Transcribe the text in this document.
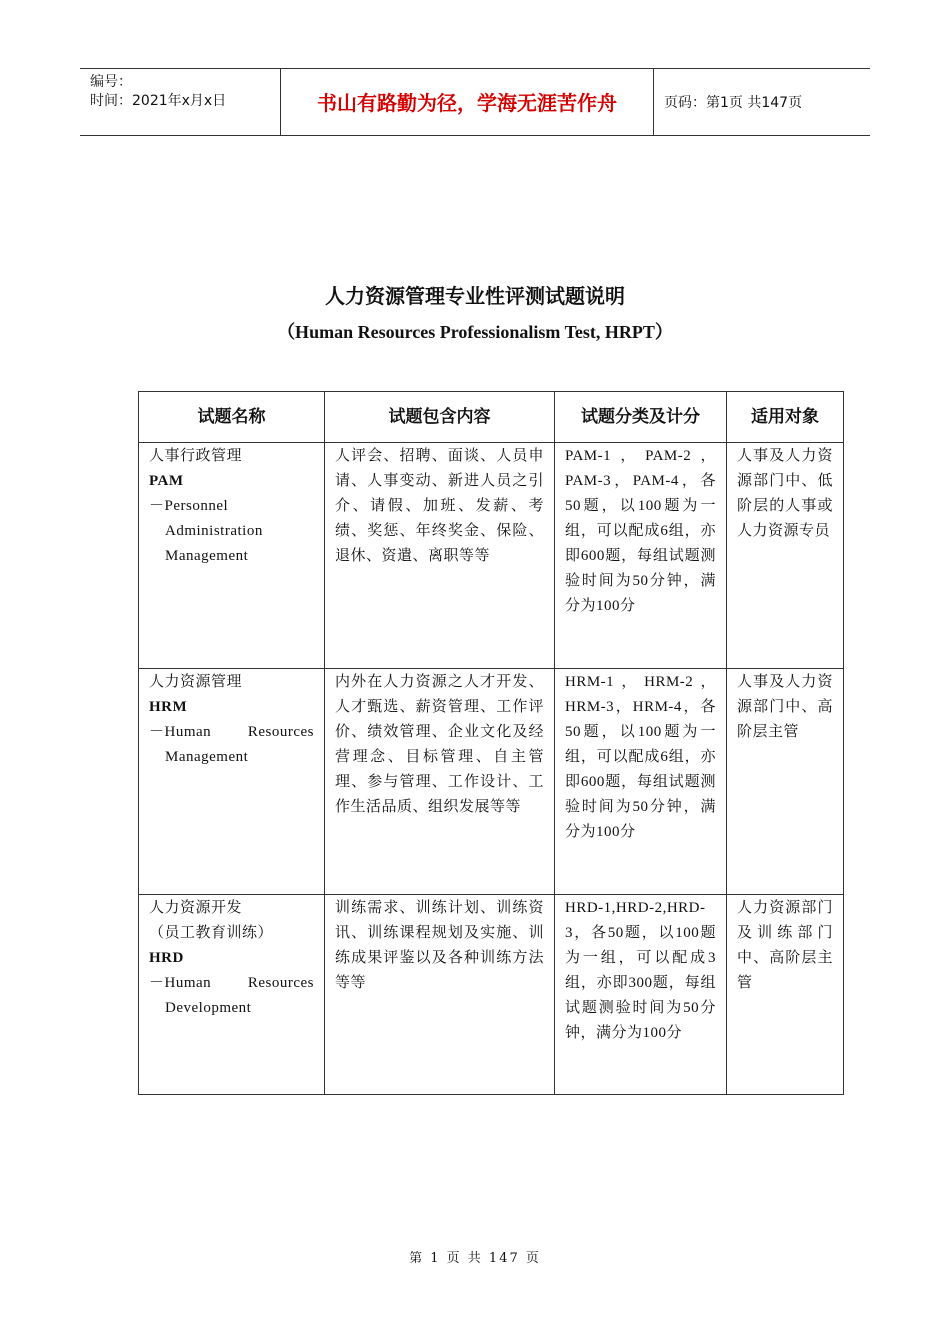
编号：
时间：2021年x月x日	书山有路勤为径，学海无涯苦作舟	页码：第1页 共147页
人力资源管理专业性评测试题说明
（Human Resources Professionalism Test, HRPT）
试题名称	试题包含内容	试题分类及计分	适用对象

人事行政管理
PAM
－Personnel Administration Management	人评会、招聘、面谈、人员申请、人事变动、新进人员之引介、请假、加班、发薪、考绩、奖惩、年终奖金、保险、退休、资遣、离职等等	PAM-1，PAM-2，PAM-3，PAM-4，各50题，以100题为一组，可以配成6组，亦即600题，每组试题测验时间为50分钟，满分为100分	人事及人力资源部门中、低阶层的人事或人力资源专员

人力资源管理
HRM
－Human Resources Management	内外在人力资源之人才开发、人才甄选、薪资管理、工作评价、绩效管理、企业文化及经营理念、目标管理、自主管理、参与管理、工作设计、工作生活品质、组织发展等等	HRM-1，HRM-2，HRM-3，HRM-4，各50题，以100题为一组，可以配成6组，亦即600题，每组试题测验时间为50分钟，满分为100分	人事及人力资源部门中、高阶层主管

人力资源开发
（员工教育训练）
HRD
－Human Resources Development	训练需求、训练计划、训练资讯、训练课程规划及实施、训练成果评鉴以及各种训练方法等等	HRD-1,HRD-2,HRD-3，各50题，以100题为一组，可以配成3组，亦即300题，每组试题测验时间为50分钟，满分为100分	人力资源部门及训练部门中、高阶层主管
第 1 页 共 147 页
